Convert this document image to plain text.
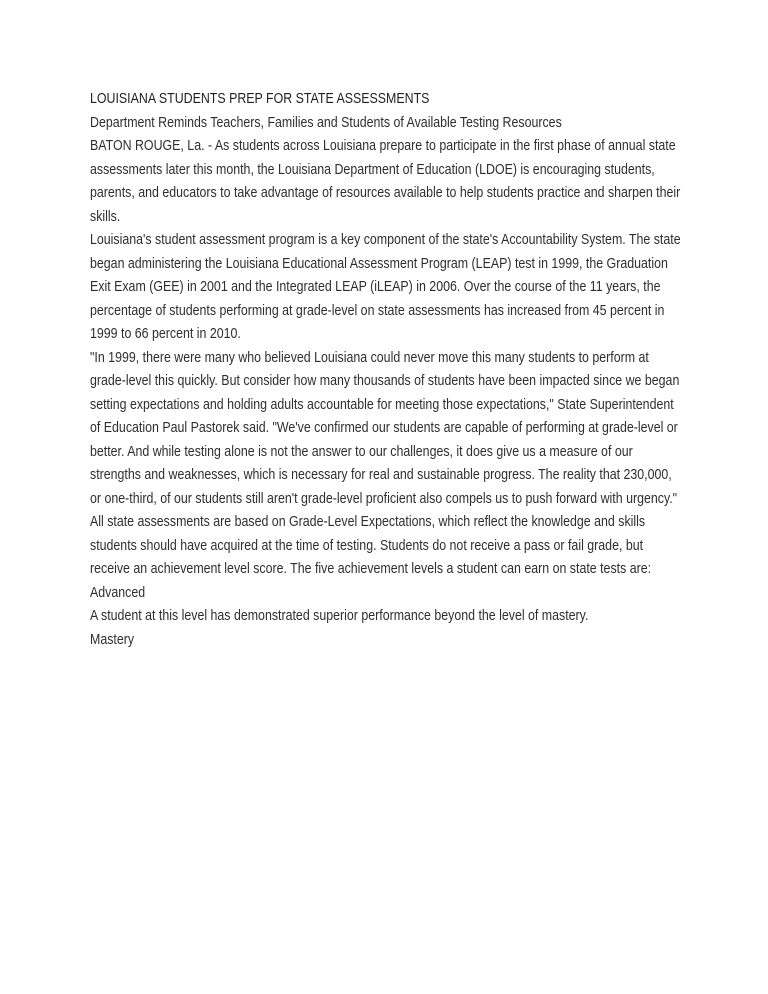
LOUISIANA STUDENTS PREP FOR STATE ASSESSMENTS

Department Reminds Teachers, Families and Students of Available Testing Resources

BATON ROUGE, La. - As students across Louisiana prepare to participate in the first phase of annual state assessments later this month, the Louisiana Department of Education (LDOE) is encouraging students, parents, and educators to take advantage of resources available to help students practice and sharpen their skills.

Louisiana's student assessment program is a key component of the state's Accountability System. The state began administering the Louisiana Educational Assessment Program (LEAP) test in 1999, the Graduation Exit Exam (GEE) in 2001 and the Integrated LEAP (iLEAP) in 2006. Over the course of the 11 years, the percentage of students performing at grade-level on state assessments has increased from 45 percent in 1999 to 66 percent in 2010.

"In 1999, there were many who believed Louisiana could never move this many students to perform at grade-level this quickly. But consider how many thousands of students have been impacted since we began setting expectations and holding adults accountable for meeting those expectations," State Superintendent of Education Paul Pastorek said. "We've confirmed our students are capable of performing at grade-level or better. And while testing alone is not the answer to our challenges, it does give us a measure of our strengths and weaknesses, which is necessary for real and sustainable progress. The reality that 230,000, or one-third, of our students still aren't grade-level proficient also compels us to push forward with urgency."

All state assessments are based on Grade-Level Expectations, which reflect the knowledge and skills students should have acquired at the time of testing. Students do not receive a pass or fail grade, but receive an achievement level score. The five achievement levels a student can earn on state tests are:

Advanced

A student at this level has demonstrated superior performance beyond the level of mastery.

Mastery
